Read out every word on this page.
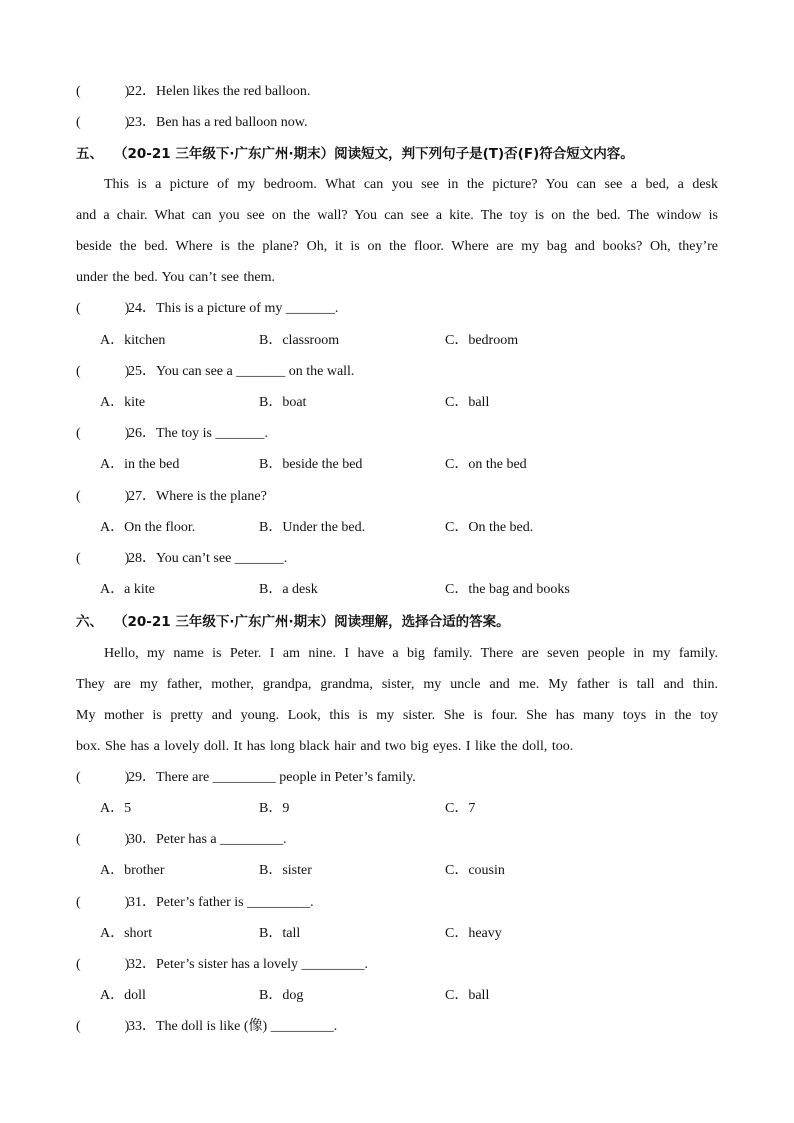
(	)22．Helen likes the red balloon.
(	)23．Ben has a red balloon now.
五、 （20-21 三年级下·广东广州·期末）阅读短文，判下列句子是(T)否(F)符合短文内容。
This is a picture of my bedroom. What can you see in the picture? You can see a bed, a desk
and a chair. What can you see on the wall? You can see a kite. The toy is on the bed. The window is
beside the bed. Where is the plane? Oh, it is on the floor. Where are my bag and books? Oh, they’re
under the bed. You can’t see them.
(	)24．This is a picture of my _______.
A．kitchen	B．classroom	C．bedroom
(	)25．You can see a _______ on the wall.
A．kite	B．boat	C．ball
(	)26．The toy is _______.
A．in the bed	B．beside the bed	C．on the bed
(	)27．Where is the plane?
A．On the floor.	B．Under the bed.	C．On the bed.
(	)28．You can’t see _______.
A．a kite	B．a desk	C．the bag and books
六、 （20-21 三年级下·广东广州·期末）阅读理解，选择合适的答案。
Hello, my name is Peter. I am nine. I have a big family. There are seven people in my family.
They are my father, mother, grandpa, grandma, sister, my uncle and me. My father is tall and thin.
My mother is pretty and young. Look, this is my sister. She is four. She has many toys in the toy
box. She has a lovely doll. It has long black hair and two big eyes. I like the doll, too.
(	)29．There are _________ people in Peter’s family.
A．5	B．9	C．7
(	)30．Peter has a _________.
A．brother	B．sister	C．cousin
(	)31．Peter’s father is _________.
A．short	B．tall	C．heavy
(	)32．Peter’s sister has a lovely _________.
A．doll	B．dog	C．ball
(	)33．The doll is like (像) _________.
